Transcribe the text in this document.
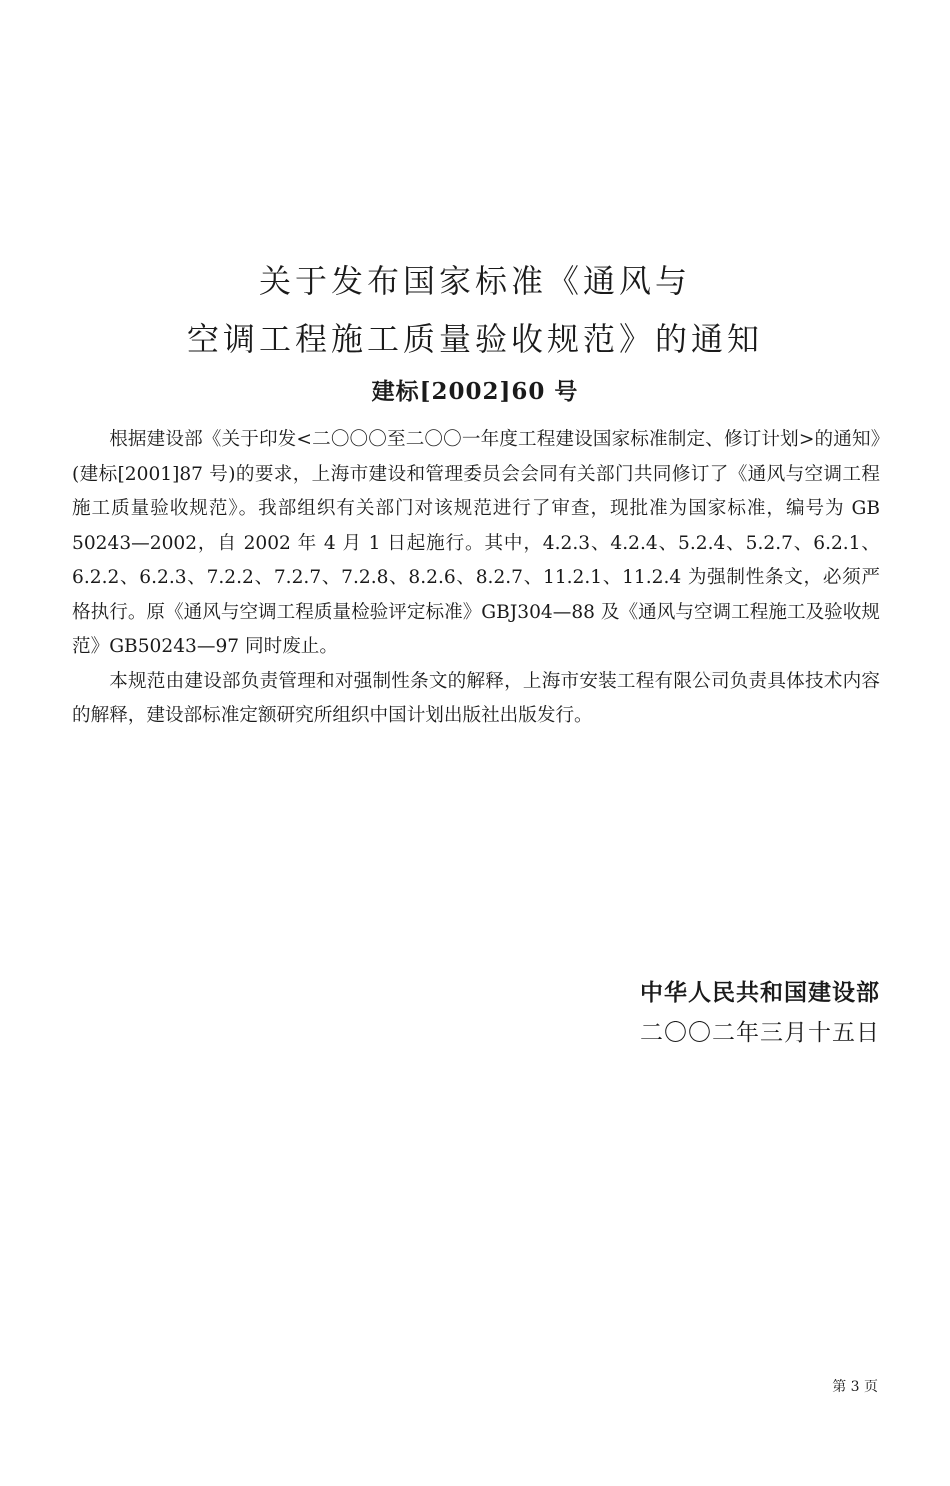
关于发布国家标准《通风与
空调工程施工质量验收规范》的通知
建标[2002]60 号

根据建设部《关于印发<二〇〇〇至二〇〇一年度工程建设国家标准制定、修订计划>的通知》(建标[2001]87 号)的要求，上海市建设和管理委员会会同有关部门共同修订了《通风与空调工程施工质量验收规范》。我部组织有关部门对该规范进行了审查，现批准为国家标准，编号为 GB 50243—2002，自 2002 年 4 月 1 日起施行。其中，4.2.3、4.2.4、5.2.4、5.2.7、6.2.1、6.2.2、6.2.3、7.2.2、7.2.7、7.2.8、8.2.6、8.2.7、11.2.1、11.2.4 为强制性条文，必须严格执行。原《通风与空调工程质量检验评定标准》GBJ304—88 及《通风与空调工程施工及验收规范》GB50243—97 同时废止。

本规范由建设部负责管理和对强制性条文的解释，上海市安装工程有限公司负责具体技术内容的解释，建设部标准定额研究所组织中国计划出版社出版发行。

中华人民共和国建设部
二〇〇二年三月十五日
第 3 页
